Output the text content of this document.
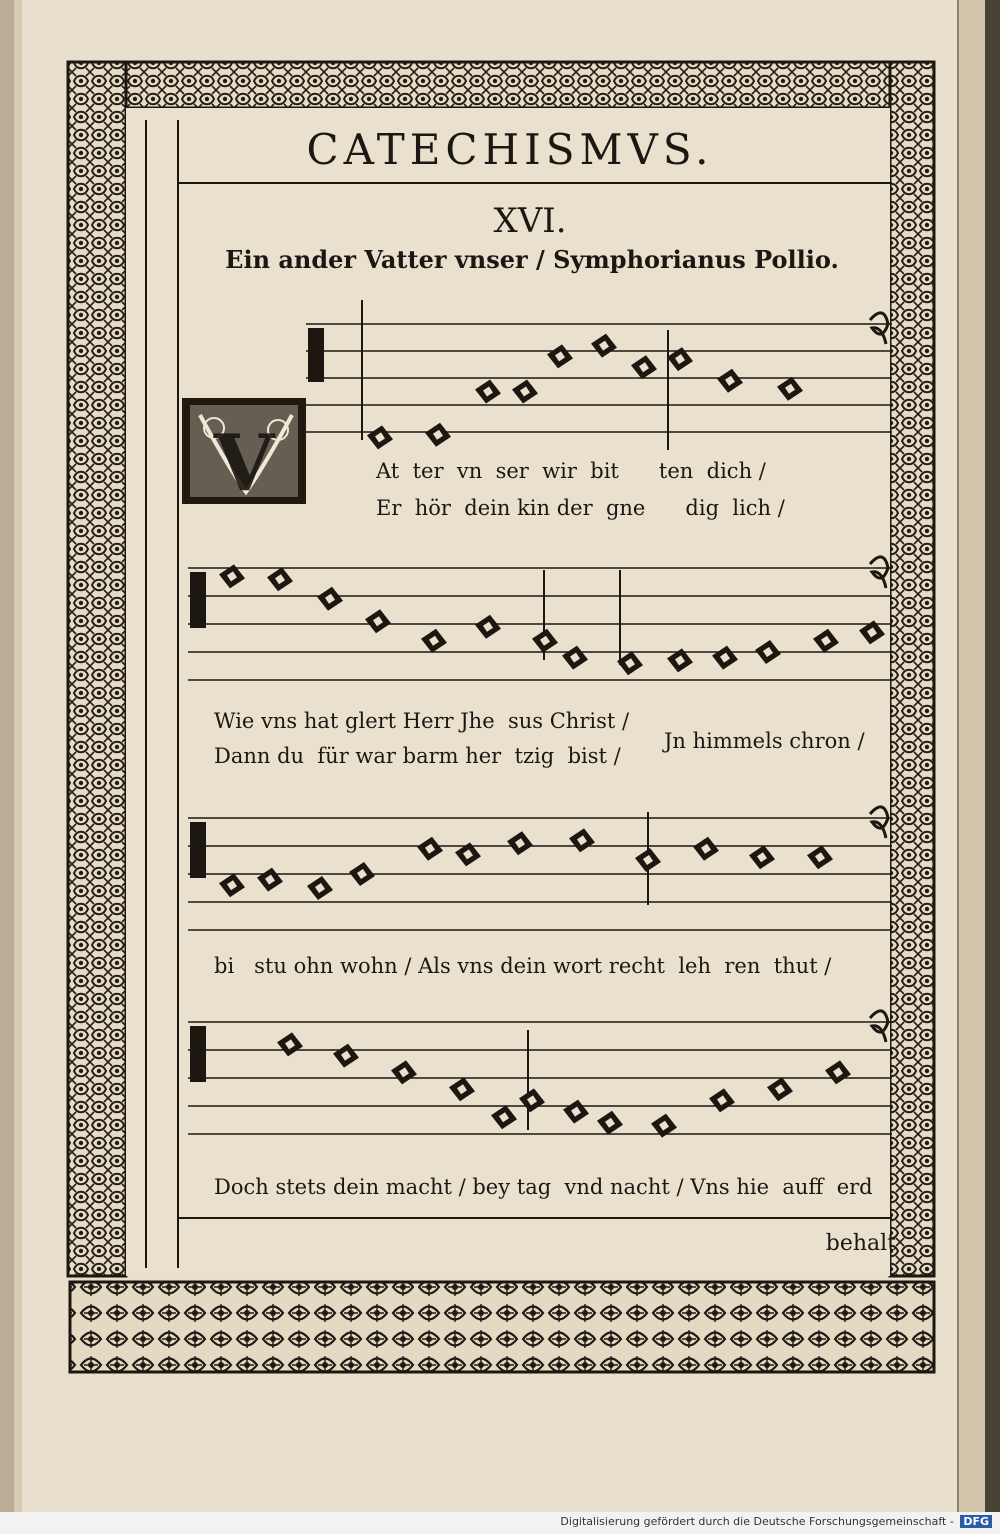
CATECHISMVS.
XVI.
Ein ander Vatter vnser / Symphorianus Pollio.
V	At  ter  vn  ser  wir  bit      ten  dich /
Er  hör  dein kin der  gne      dig  lich /
Wie vns hat glert Herr Jhe  sus Christ /
Dann du  für war barm her  tzig  bist /
Jn himmels chron /
bi   stu ohn wohn / Als vns dein wort recht  leh  ren  thut /
Doch stets dein macht / bey tag  vnd nacht / Vns hie  auff  erd
behalt
Digitalisierung gefördert durch die Deutsche Forschungsgemeinschaft - DFG
